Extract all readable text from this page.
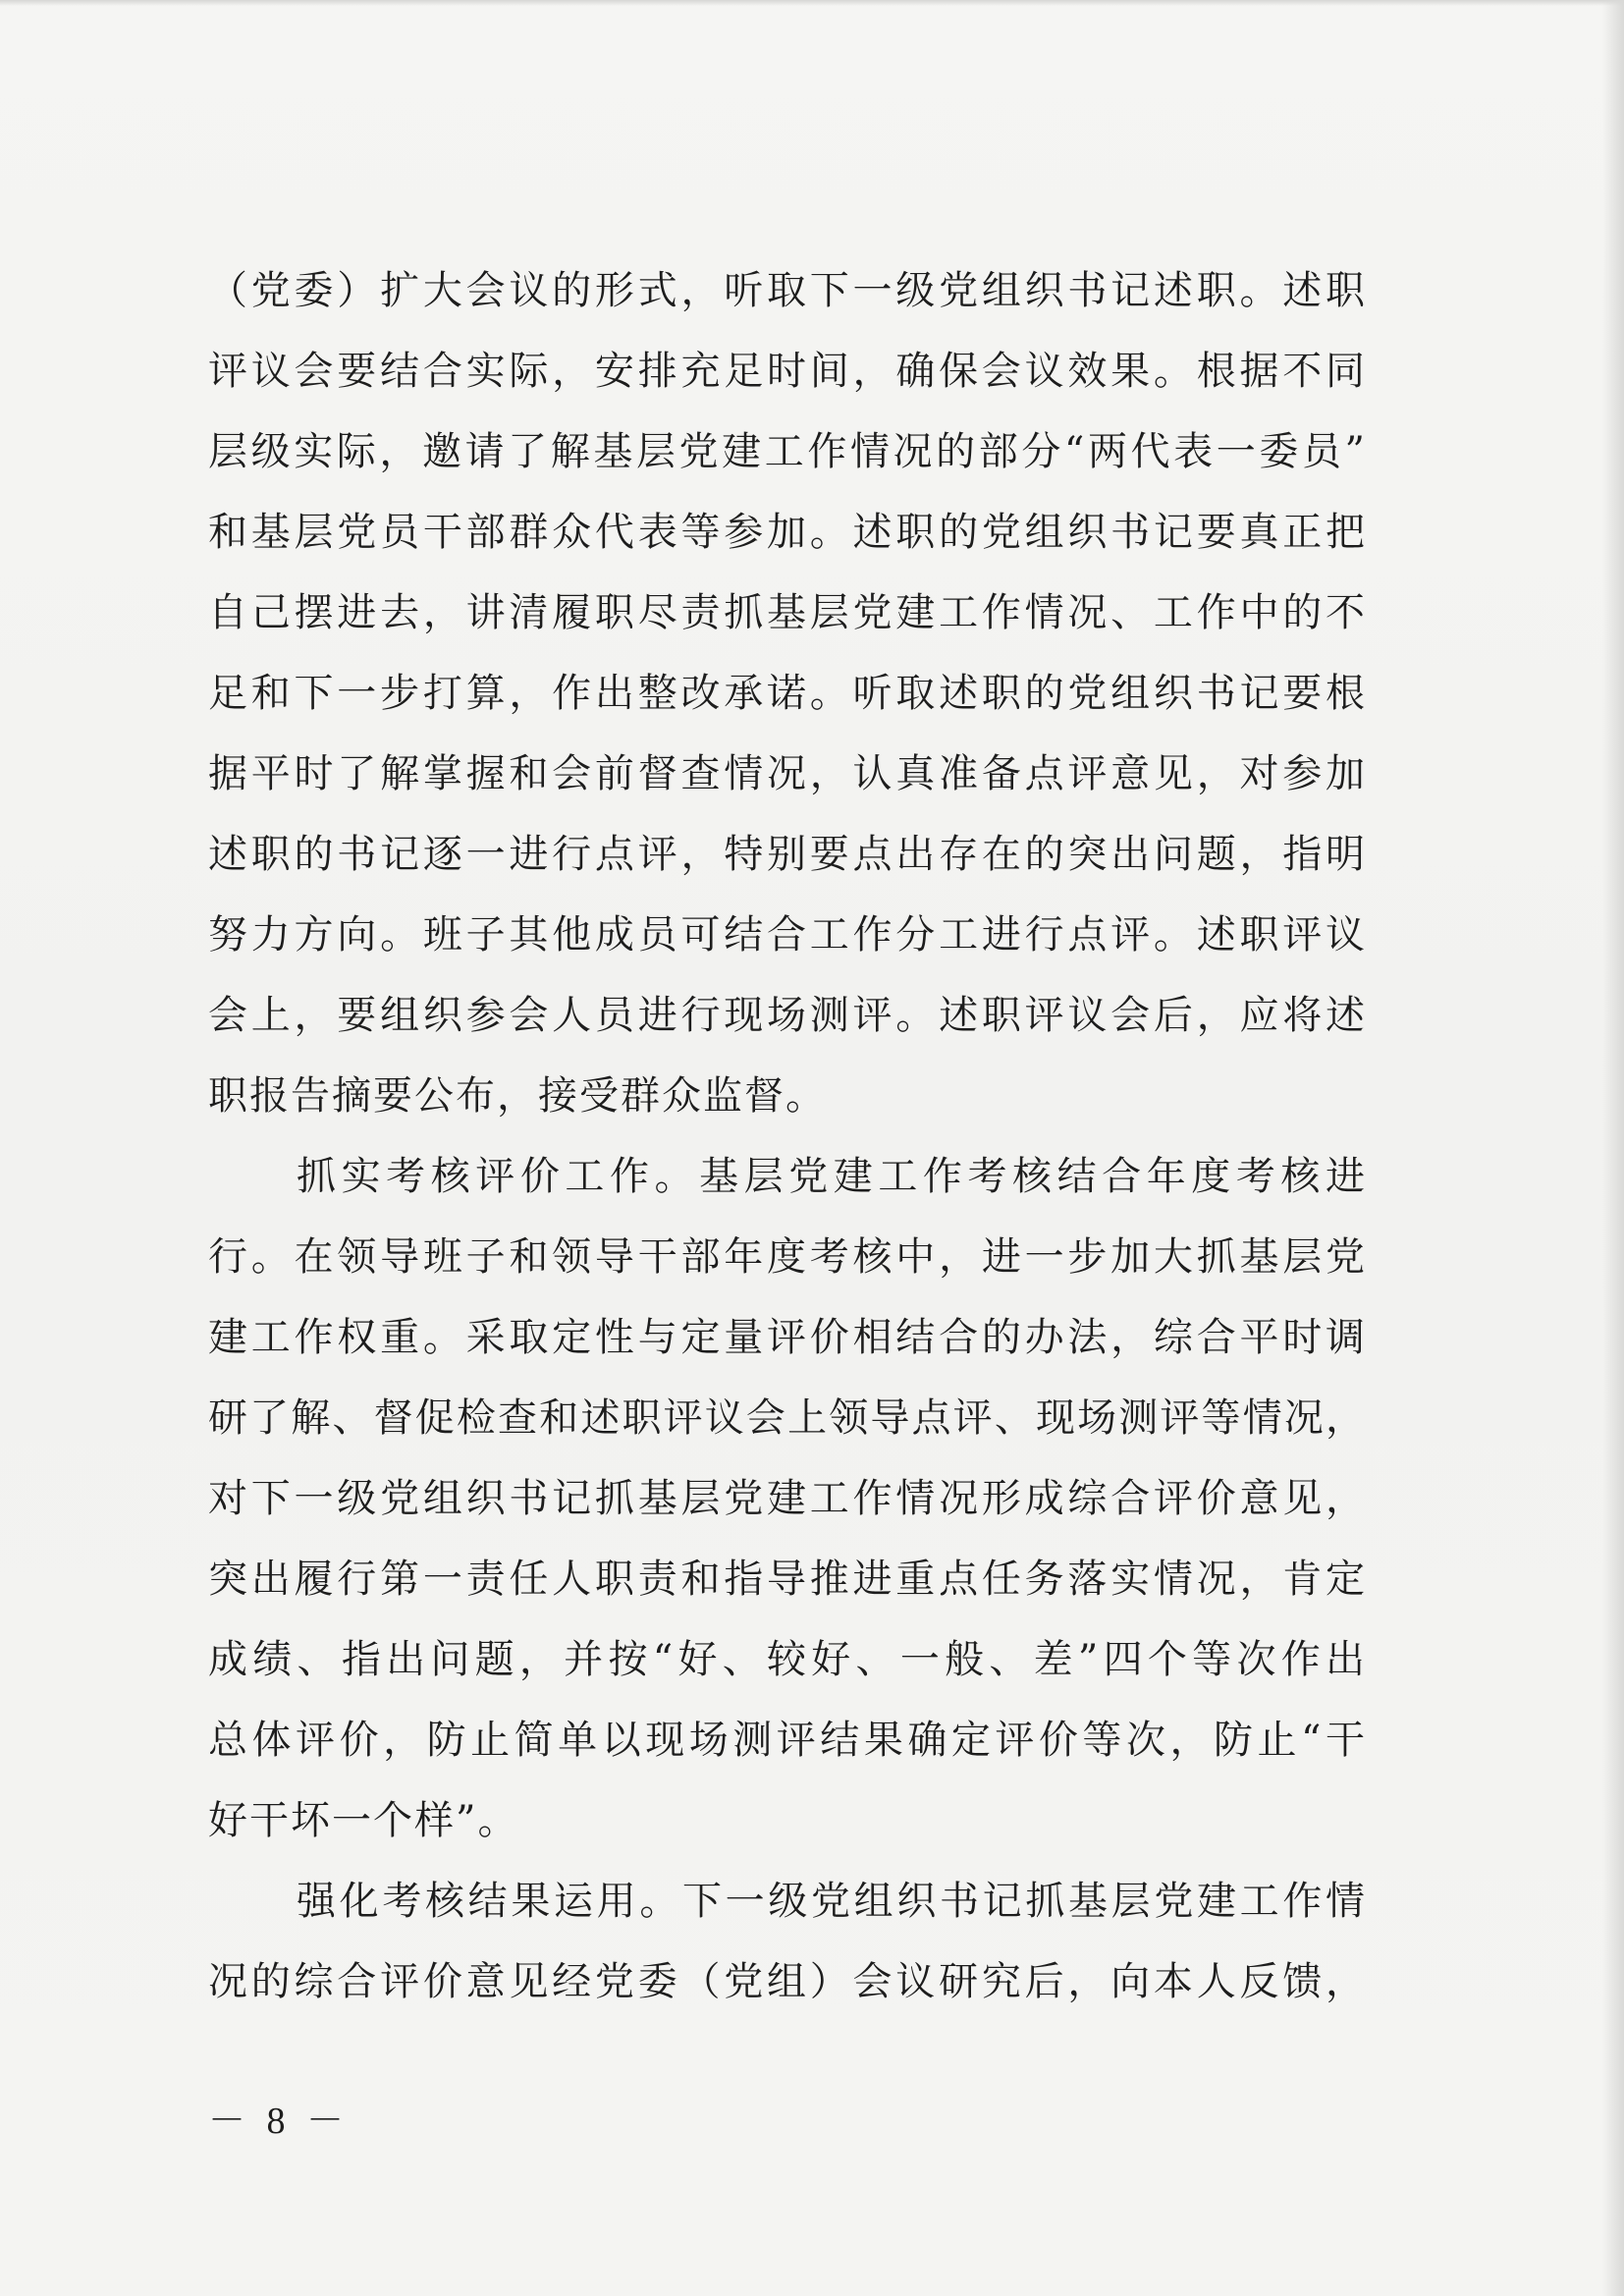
（党委）扩大会议的形式，听取下一级党组织书记述职。述职
评议会要结合实际，安排充足时间，确保会议效果。根据不同
层级实际，邀请了解基层党建工作情况的部分“两代表一委员”
和基层党员干部群众代表等参加。述职的党组织书记要真正把
自己摆进去，讲清履职尽责抓基层党建工作情况、工作中的不
足和下一步打算，作出整改承诺。听取述职的党组织书记要根
据平时了解掌握和会前督查情况，认真准备点评意见，对参加
述职的书记逐一进行点评，特别要点出存在的突出问题，指明
努力方向。班子其他成员可结合工作分工进行点评。述职评议
会上，要组织参会人员进行现场测评。述职评议会后，应将述
职报告摘要公布，接受群众监督。
抓实考核评价工作。基层党建工作考核结合年度考核进
行。在领导班子和领导干部年度考核中，进一步加大抓基层党
建工作权重。采取定性与定量评价相结合的办法，综合平时调
研了解、督促检查和述职评议会上领导点评、现场测评等情况，
对下一级党组织书记抓基层党建工作情况形成综合评价意见，
突出履行第一责任人职责和指导推进重点任务落实情况，肯定
成绩、指出问题，并按“好、较好、一般、差”四个等次作出
总体评价，防止简单以现场测评结果确定评价等次，防止“干
好干坏一个样”。
强化考核结果运用。下一级党组织书记抓基层党建工作情
况的综合评价意见经党委（党组）会议研究后，向本人反馈，
－ 8 －
